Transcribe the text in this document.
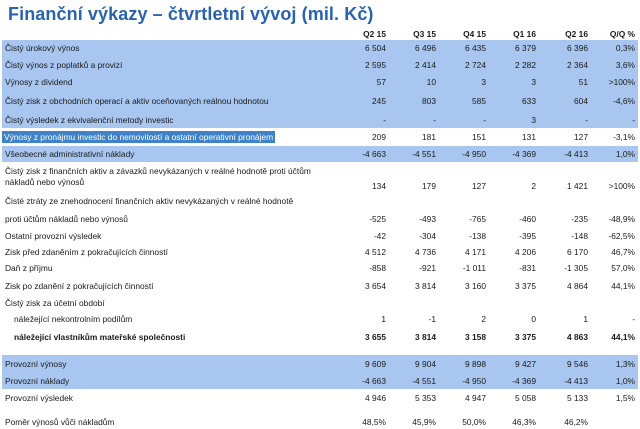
Finanční výkazy – čtvrtletní vývoj (mil. Kč)
	Q2 15	Q3 15	Q4 15	Q1 16	Q2 16	Q/Q %
Čistý úrokový výnos	6 504	6 496	6 435	6 379	6 396	0,3%
Čistý výnos z poplatků a provizí	2 595	2 414	2 724	2 282	2 364	3,6%
Výnosy z dividend	57	10	3	3	51	>100%
Čistý zisk z obchodních operací a aktiv oceňovaných reálnou hodnotou	245	803	585	633	604	-4,6%
Čistý výsledek z ekvivalenční metody investic	-	-	-	3	-	-
Výnosy z pronájmu investic do nemovitostí a ostatní operativní pronájem	209	181	151	131	127	-3,1%
Všeobecné administrativní náklady	-4 663	-4 551	-4 950	-4 369	-4 413	1,0%
Čistý zisk z finančních aktiv a závazků nevykázaných v reálné hodnotě proti účtům nákladů nebo výnosů	134	179	127	2	1 421	>100%
Čisté ztráty ze znehodnocení finančních aktiv nevykázaných v reálné hodnotě						
proti účtům nákladů nebo výnosů	-525	-493	-765	-460	-235	-48,9%
Ostatní provozní výsledek	-42	-304	-138	-395	-148	-62,5%
Zisk před zdaněním z pokračujících činností	4 512	4 736	4 171	4 206	6 170	46,7%
Daň z příjmu	-858	-921	-1 011	-831	-1 305	57,0%
Zisk po zdanění z pokračujících činností	3 654	3 814	3 160	3 375	4 864	44,1%
Čistý zisk za účetní období						
náležející nekontrolním podílům	1	-1	2	0	1	-
náležející vlastníkům mateřské společnosti	3 655	3 814	3 158	3 375	4 863	44,1%

Provozní výnosy	9 609	9 904	9 898	9 427	9 546	1,3%
Provozní náklady	-4 663	-4 551	-4 950	-4 369	-4 413	1,0%
Provozní výsledek	4 946	5 353	4 947	5 058	5 133	1,5%

Poměr výnosů vůči nákladům	48,5%	45,9%	50,0%	46,3%	46,2%	
